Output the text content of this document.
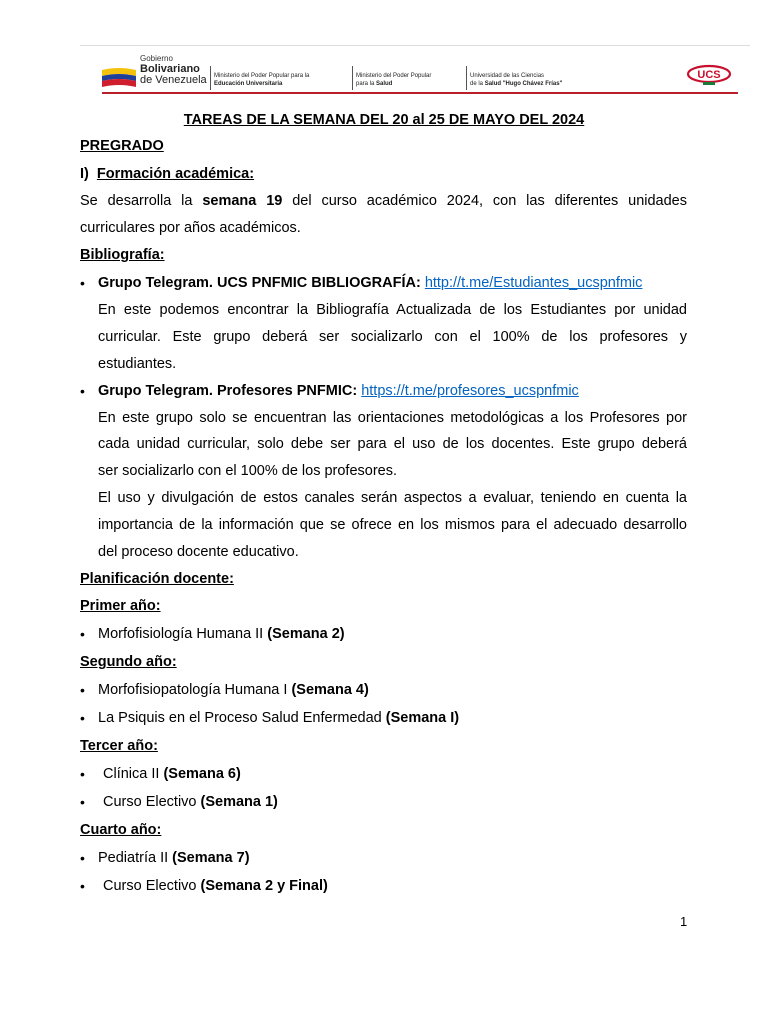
Gobierno
Bolivariano
de Venezuela Ministerio del Poder Popular para la
Educación Universitaria
Ministerio del Poder Popular
para la Salud
Universidad de las Ciencias
de la Salud "Hugo Chávez Frías"
UCS
TAREAS DE LA SEMANA DEL 20 al 25 DE MAYO DEL 2024
PREGRADO
I) Formación académica:
Se desarrolla la semana 19 del curso académico 2024, con las diferentes unidades
curriculares por años académicos.
Bibliografía:
• Grupo Telegram. UCS PNFMIC BIBLIOGRAFÍA: http://t.me/Estudiantes_ucspnfmic
En este podemos encontrar la Bibliografía Actualizada de los Estudiantes por unidad
curricular. Este grupo deberá ser socializarlo con el 100% de los profesores y
estudiantes.
• Grupo Telegram. Profesores PNFMIC: https://t.me/profesores_ucspnfmic
En este grupo solo se encuentran las orientaciones metodológicas a los Profesores por
cada unidad curricular, solo debe ser para el uso de los docentes. Este grupo deberá
ser socializarlo con el 100% de los profesores.
El uso y divulgación de estos canales serán aspectos a evaluar, teniendo en cuenta la
importancia de la información que se ofrece en los mismos para el adecuado desarrollo
del proceso docente educativo.
Planificación docente:
Primer año:
• Morfofisiología Humana II (Semana 2)
Segundo año:
• Morfofisiopatología Humana I (Semana 4)
• La Psiquis en el Proceso Salud Enfermedad (Semana I)
Tercer año:
• Clínica II (Semana 6)
• Curso Electivo (Semana 1)
Cuarto año:
• Pediatría II (Semana 7)
• Curso Electivo (Semana 2 y Final)
1
